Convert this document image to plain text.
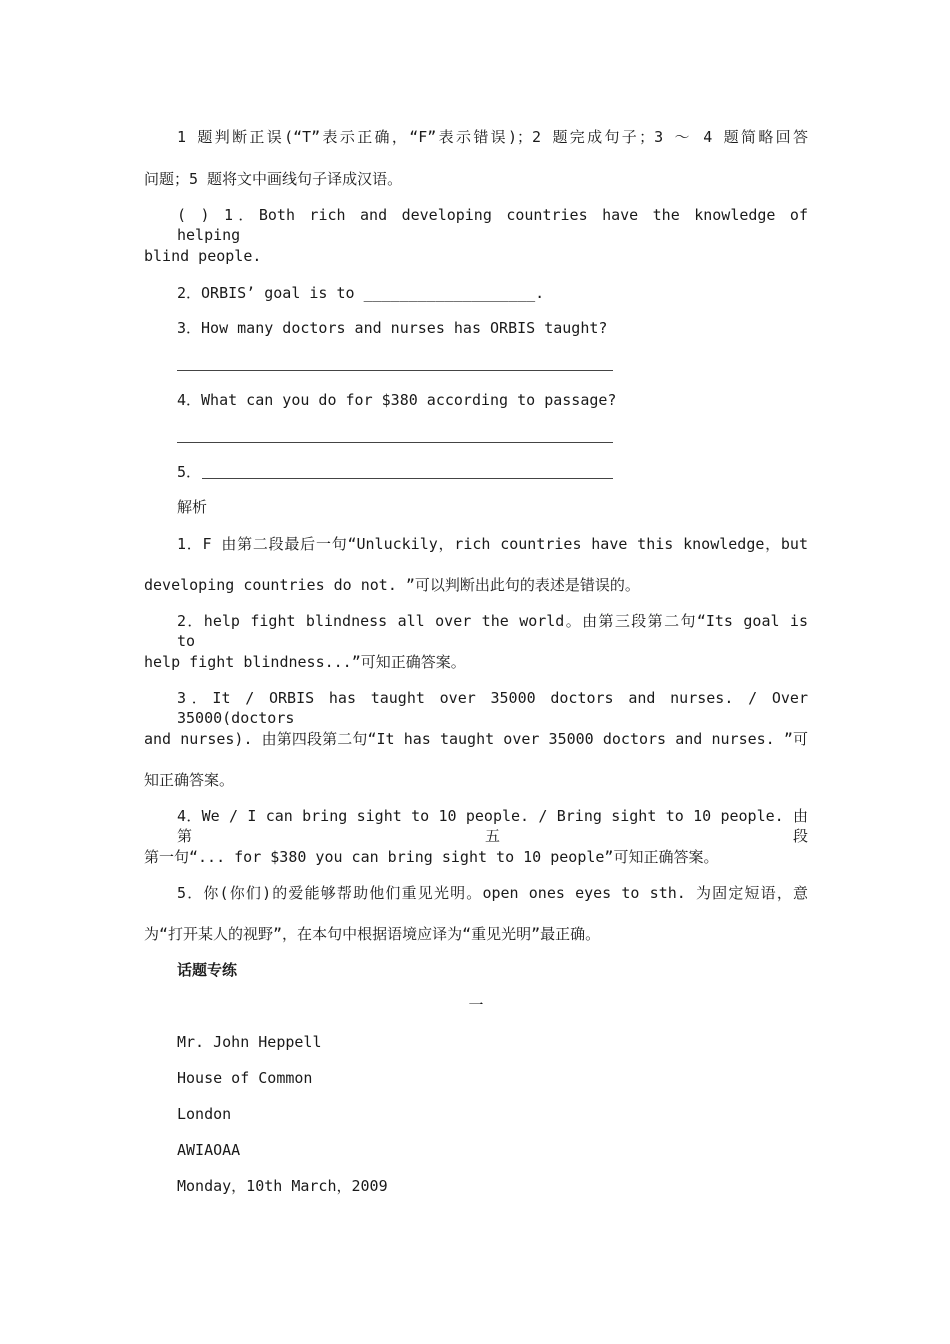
1 题判断正误(“T”表示正确，“F”表示错误)；2 题完成句子；3 ～ 4 题简略回答
问题；5 题将文中画线句子译成汉语。
( ) 1．Both rich and developing countries have the knowledge of helping
blind people.
2．ORBIS’ goal is to ___________________.
3．How many doctors and nurses has ORBIS taught?
4．What can you do for $380 according to passage?
5．
解析
1．F 由第二段最后一句“Unluckily，rich countries have this knowledge，but
developing countries do not. ”可以判断出此句的表述是错误的。
2．help fight blindness all over the world。由第三段第二句“Its goal is to
help fight blindness...”可知正确答案。
3．It / ORBIS has taught over 35000 doctors and nurses. / Over 35000(doctors
and nurses). 由第四段第二句“It has taught over 35000 doctors and nurses. ”可
知正确答案。
4．We / I can bring sight to 10 people. / Bring sight to 10 people. 由第五段
第一句“... for $380 you can bring sight to 10 people”可知正确答案。
5．你(你们)的爱能够帮助他们重见光明。open ones eyes to sth. 为固定短语，意
为“打开某人的视野”，在本句中根据语境应译为“重见光明”最正确。
话题专练
一
Mr. John Heppell
House of Common
London
AWIAOAA
Monday，10th March，2009
